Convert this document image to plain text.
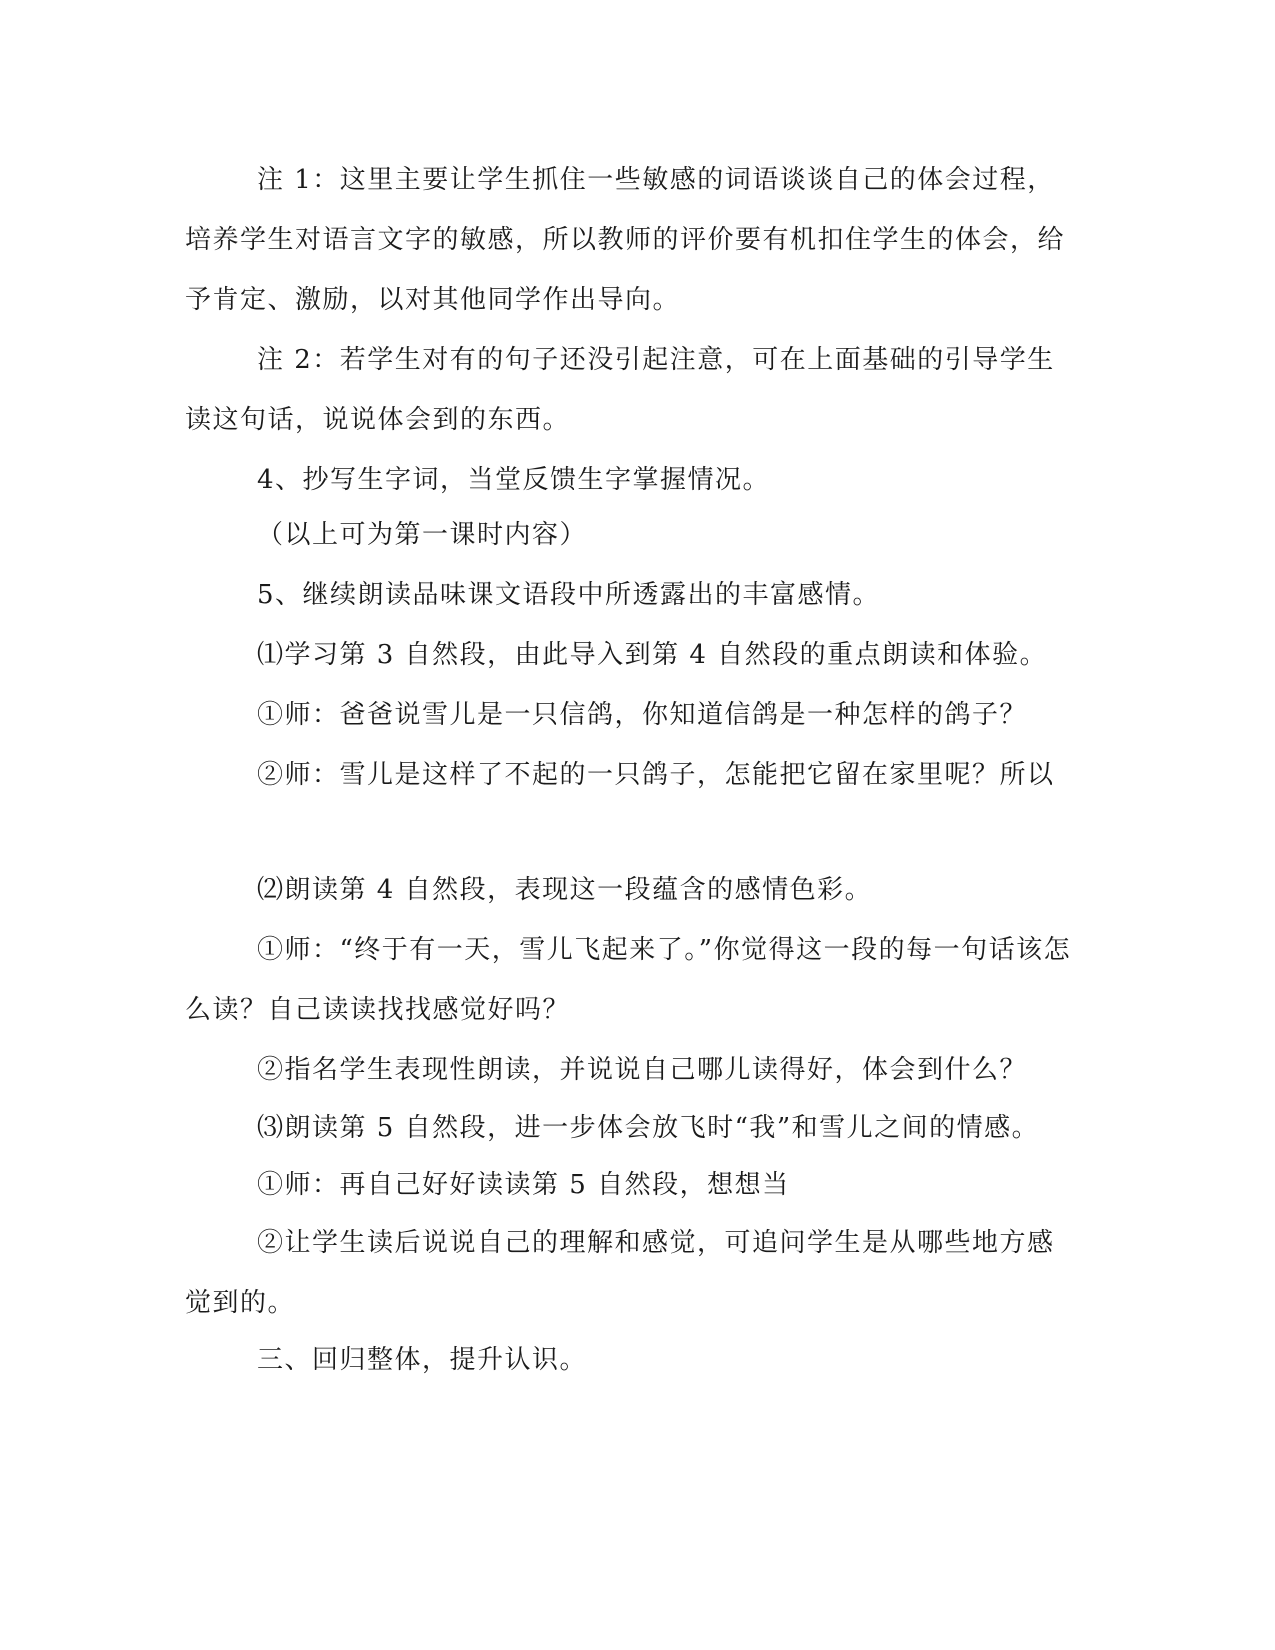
注 1：这里主要让学生抓住一些敏感的词语谈谈自己的体会过程，培养学生对语言文字的敏感，所以教师的评价要有机扣住学生的体会，给予肯定、激励，以对其他同学作出导向。

注 2：若学生对有的句子还没引起注意，可在上面基础的引导学生读这句话，说说体会到的东西。

4、抄写生字词，当堂反馈生字掌握情况。

（以上可为第一课时内容）

5、继续朗读品味课文语段中所透露出的丰富感情。

⑴学习第 3 自然段，由此导入到第 4 自然段的重点朗读和体验。

①师：爸爸说雪儿是一只信鸽，你知道信鸽是一种怎样的鸽子？

②师：雪儿是这样了不起的一只鸽子，怎能把它留在家里呢？所以

⑵朗读第 4 自然段，表现这一段蕴含的感情色彩。

①师：“终于有一天，雪儿飞起来了。”你觉得这一段的每一句话该怎么读？自己读读找找感觉好吗？

②指名学生表现性朗读，并说说自己哪儿读得好，体会到什么？

⑶朗读第 5 自然段，进一步体会放飞时“我”和雪儿之间的情感。

①师：再自己好好读读第 5 自然段，想想当

②让学生读后说说自己的理解和感觉，可追问学生是从哪些地方感觉到的。

三、回归整体，提升认识。
